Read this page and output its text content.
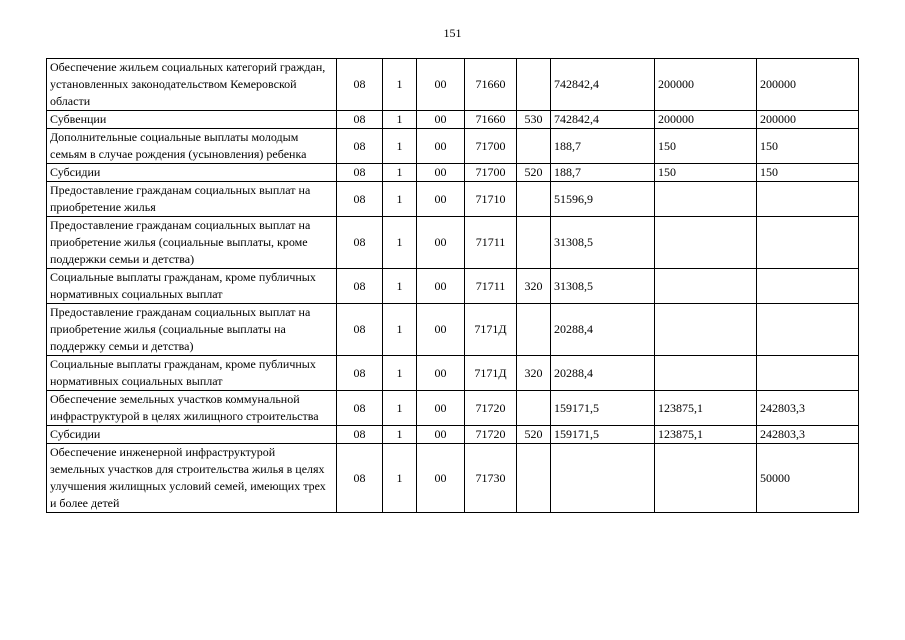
151
Обеспечение жильем социальных категорий граждан, установленных законодательством Кемеровской области	08	1	00	71660		742842,4	200000	200000
Субвенции	08	1	00	71660	530	742842,4	200000	200000
Дополнительные социальные выплаты молодым семьям в случае рождения (усыновления) ребенка	08	1	00	71700		188,7	150	150
Субсидии	08	1	00	71700	520	188,7	150	150
Предоставление гражданам социальных выплат на приобретение жилья	08	1	00	71710		51596,9		
Предоставление гражданам социальных выплат на приобретение жилья (социальные выплаты, кроме поддержки семьи и детства)	08	1	00	71711		31308,5		
Социальные выплаты гражданам, кроме публичных нормативных социальных выплат	08	1	00	71711	320	31308,5		
Предоставление гражданам социальных выплат на приобретение жилья (социальные выплаты на поддержку семьи и детства)	08	1	00	7171Д		20288,4		
Социальные выплаты гражданам, кроме публичных нормативных социальных выплат	08	1	00	7171Д	320	20288,4		
Обеспечение земельных участков коммунальной инфраструктурой в целях жилищного строительства	08	1	00	71720		159171,5	123875,1	242803,3
Субсидии	08	1	00	71720	520	159171,5	123875,1	242803,3
Обеспечение инженерной инфраструктурой земельных участков для строительства жилья в целях улучшения жилищных условий семей, имеющих трех и более детей	08	1	00	71730				50000
